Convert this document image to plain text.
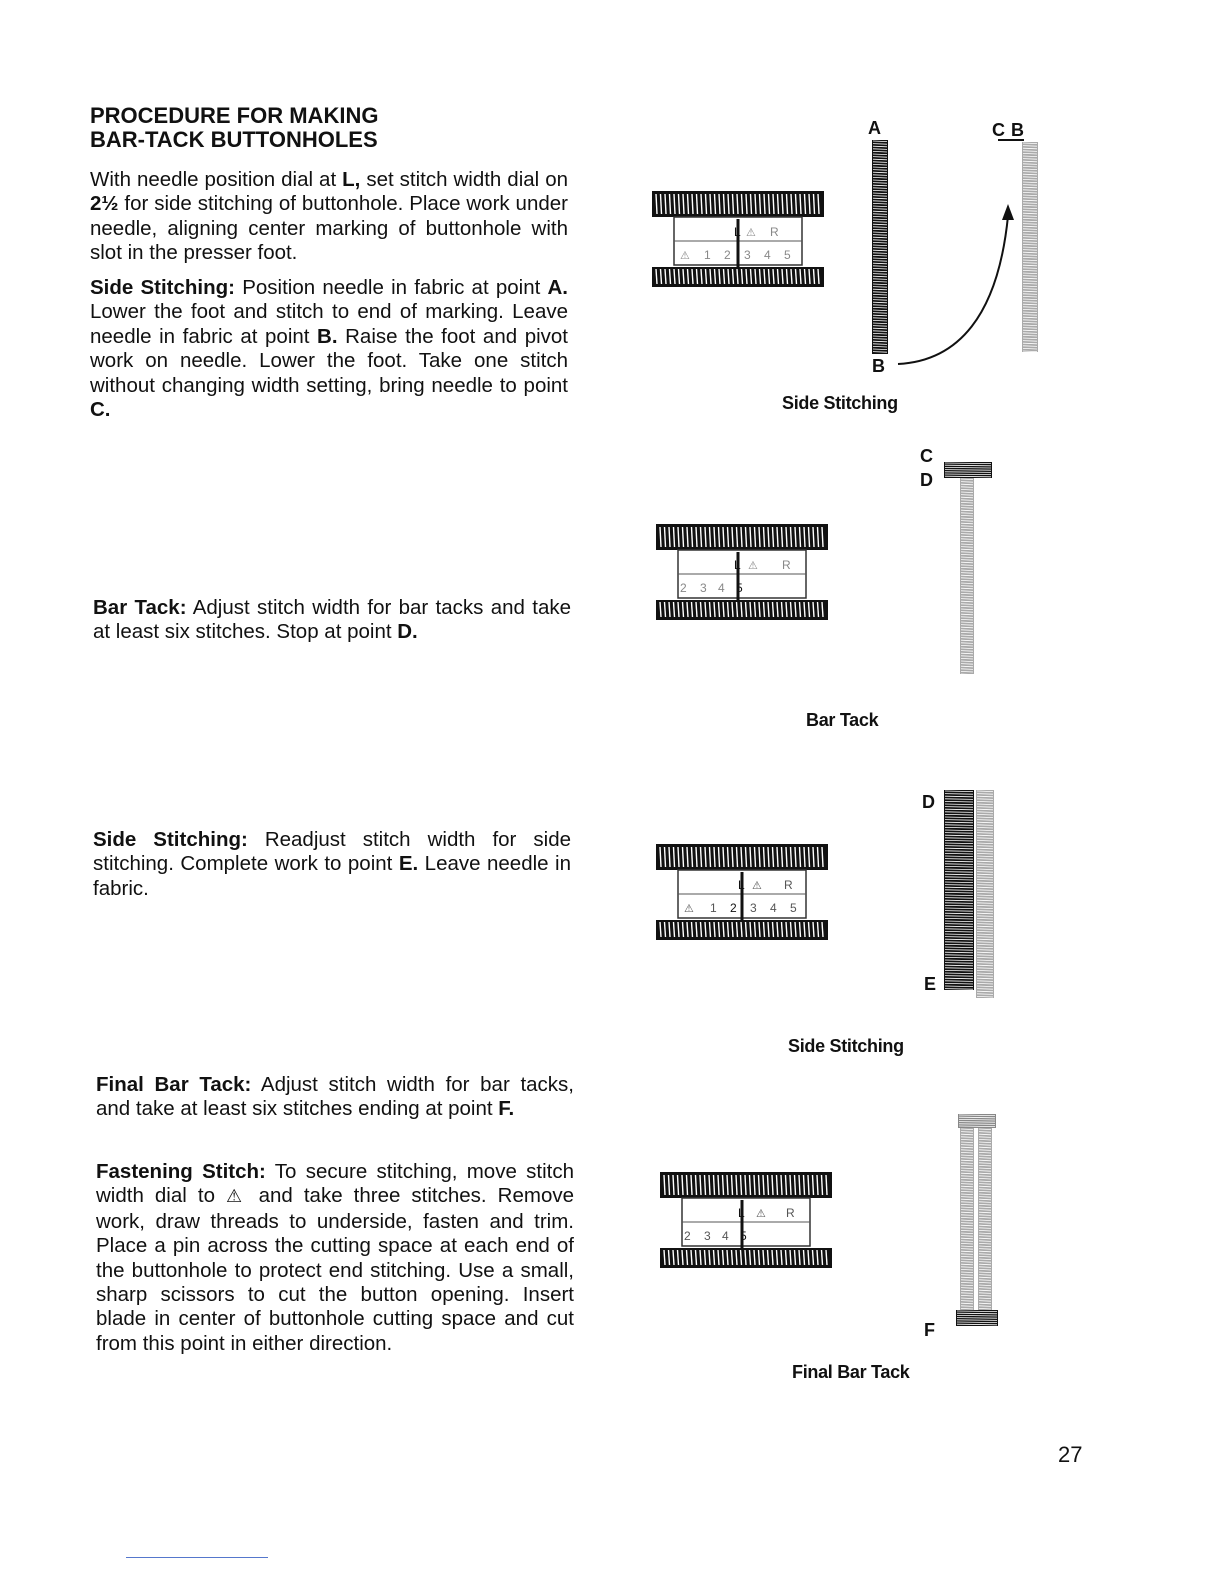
PROCEDURE FOR MAKING
BAR-TACK BUTTONHOLES

With needle position dial at L, set stitch width dial on 2½ for side stitching of buttonhole. Place work under needle, aligning center marking of buttonhole with slot in the presser foot.

Side Stitching: Position needle in fabric at point A. Lower the foot and stitch to end of marking. Leave needle in fabric at point B. Raise the foot and pivot work on needle. Lower the foot. Take one stitch without changing width setting, bring needle to point C.

Bar Tack: Adjust stitch width for bar tacks and take at least six stitches. Stop at point D.

Side Stitching: Readjust stitch width for side stitching. Complete work to point E. Leave needle in fabric.

Final Bar Tack: Adjust stitch width for bar tacks, and take at least six stitches ending at point F.

Fastening Stitch: To secure stitching, move stitch width dial to ⚠ and take three stitches. Remove work, draw threads to underside, fasten and trim. Place a pin across the cutting space at each end of the buttonhole to protect end stitching. Use a small, sharp scissors to cut the button opening. Insert blade in center of buttonhole cutting space and cut from this point in either direction.

L ⚠ R
⚠ 1 2 3 4 5
A	C B
B

Side Stitching

L ⚠ R
2 3 4 5
C
D

Bar Tack

L ⚠ R
⚠ 1 2 3 4 5
D
E

Side Stitching

L ⚠ R
2 3 4 5
F

Final Bar Tack

27
